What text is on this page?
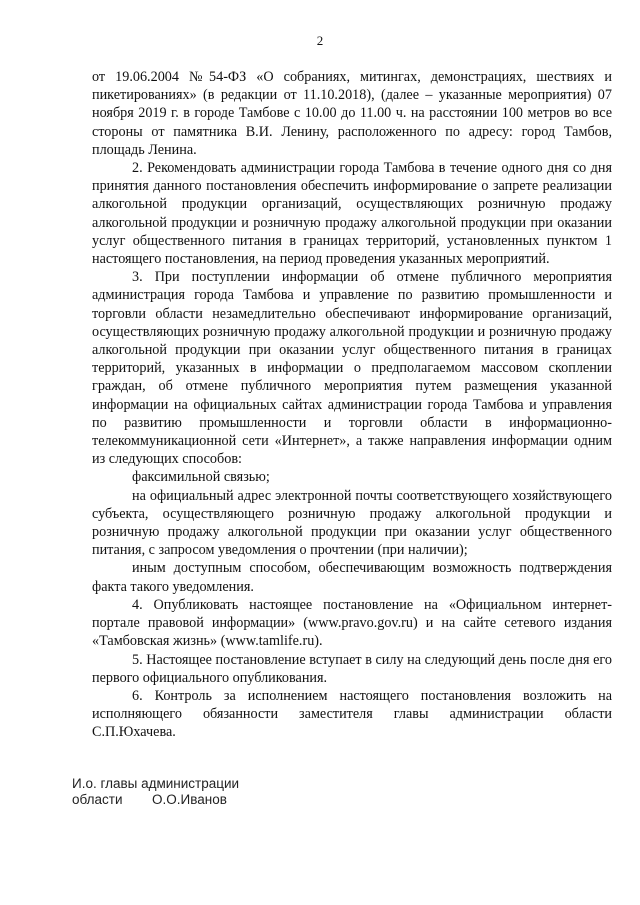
2

от 19.06.2004 №54-ФЗ «О собраниях, митингах, демонстрациях, шествиях и пикетированиях» (в редакции от 11.10.2018), (далее – указанные мероприятия) 07 ноября 2019 г. в городе Тамбове с 10.00 до 11.00 ч. на расстоянии 100 метров во все стороны от памятника В.И. Ленину, расположенного по адресу: город Тамбов, площадь Ленина.

2. Рекомендовать администрации города Тамбова в течение одного дня со дня принятия данного постановления обеспечить информирование о запрете реализации алкогольной продукции организаций, осуществляющих розничную продажу алкогольной продукции и розничную продажу алкогольной продукции при оказании услуг общественного питания в границах территорий, установленных пунктом 1 настоящего постановления, на период проведения указанных мероприятий.

3. При поступлении информации об отмене публичного мероприятия администрация города Тамбова и управление по развитию промышленности и торговли области незамедлительно обеспечивают информирование организаций, осуществляющих розничную продажу алкогольной продукции и розничную продажу алкогольной продукции при оказании услуг общественного питания в границах территорий, указанных в информации о предполагаемом массовом скоплении граждан, об отмене публичного мероприятия путем размещения указанной информации на официальных сайтах администрации города Тамбова и управления по развитию промышленности и торговли области в информационно-телекоммуникационной сети «Интернет», а также направления информации одним из следующих способов:

факсимильной связью;

на официальный адрес электронной почты соответствующего хозяйствующего субъекта, осуществляющего розничную продажу алкогольной продукции и розничную продажу алкогольной продукции при оказании услуг общественного питания, с запросом уведомления о прочтении (при наличии);

иным доступным способом, обеспечивающим возможность подтверждения факта такого уведомления.

4. Опубликовать настоящее постановление на «Официальном интернет-портале правовой информации» (www.pravo.gov.ru) и на сайте сетевого издания «Тамбовская жизнь» (www.tamlife.ru).

5. Настоящее постановление вступает в силу на следующий день после дня его первого официального опубликования.

6. Контроль за исполнением настоящего постановления возложить на исполняющего обязанности заместителя главы администрации области С.П.Юхачева.

И.о. главы администрации
области О.О.Иванов
